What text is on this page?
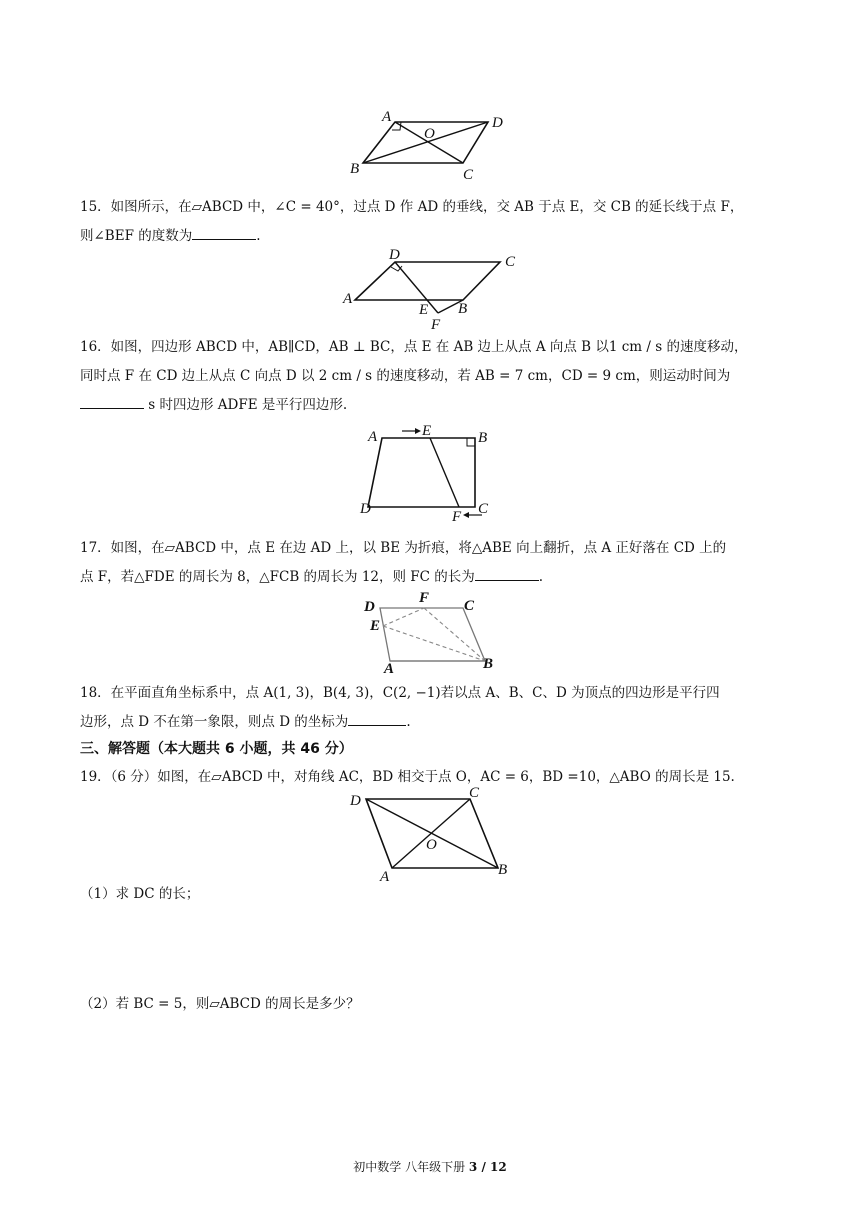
A	D
B	C
O

15．如图所示，在▱ABCD 中，∠C = 40°，过点 D 作 AD 的垂线，交 AB 于点 E，交 CB 的延长线于点 F，
则∠BEF 的度数为	.

A
D	C
E B
F

16．如图，四边形 ABCD 中，AB∥CD，AB ⊥ BC，点 E 在 AB 边上从点 A 向点 B 以1 cm / s 的速度移动，
同时点 F 在 CD 边上从点 C 向点 D 以 2 cm / s 的速度移动，若 AB = 7 cm，CD = 9 cm，则运动时间为
s 时四边形 ADFE 是平行四边形.

A	E	B
D	C
F

17．如图，在▱ABCD 中，点 E 在边 AD 上，以 BE 为折痕，将△ABE 向上翻折，点 A 正好落在 CD 上的
点 F，若△FDE 的周长为 8，△FCB 的周长为 12，则 FC 的长为	.

D
F C
E
A	B

18．在平面直角坐标系中，点 A(1, 3)，B(4, 3)，C(2, −1)若以点 A、B、C、D 为顶点的四边形是平行四
边形，点 D 不在第一象限，则点 D 的坐标为	.

三、解答题（本大题共 6 小题，共 46 分）

19．（6 分）如图，在▱ABCD 中，对角线 AC，BD 相交于点 O，AC = 6，BD =10，△ABO 的周长是 15.

D	C
O
A	B

（1）求 DC 的长；

（2）若 BC = 5，则▱ABCD 的周长是多少？

初中数学 八年级下册 3 / 12
